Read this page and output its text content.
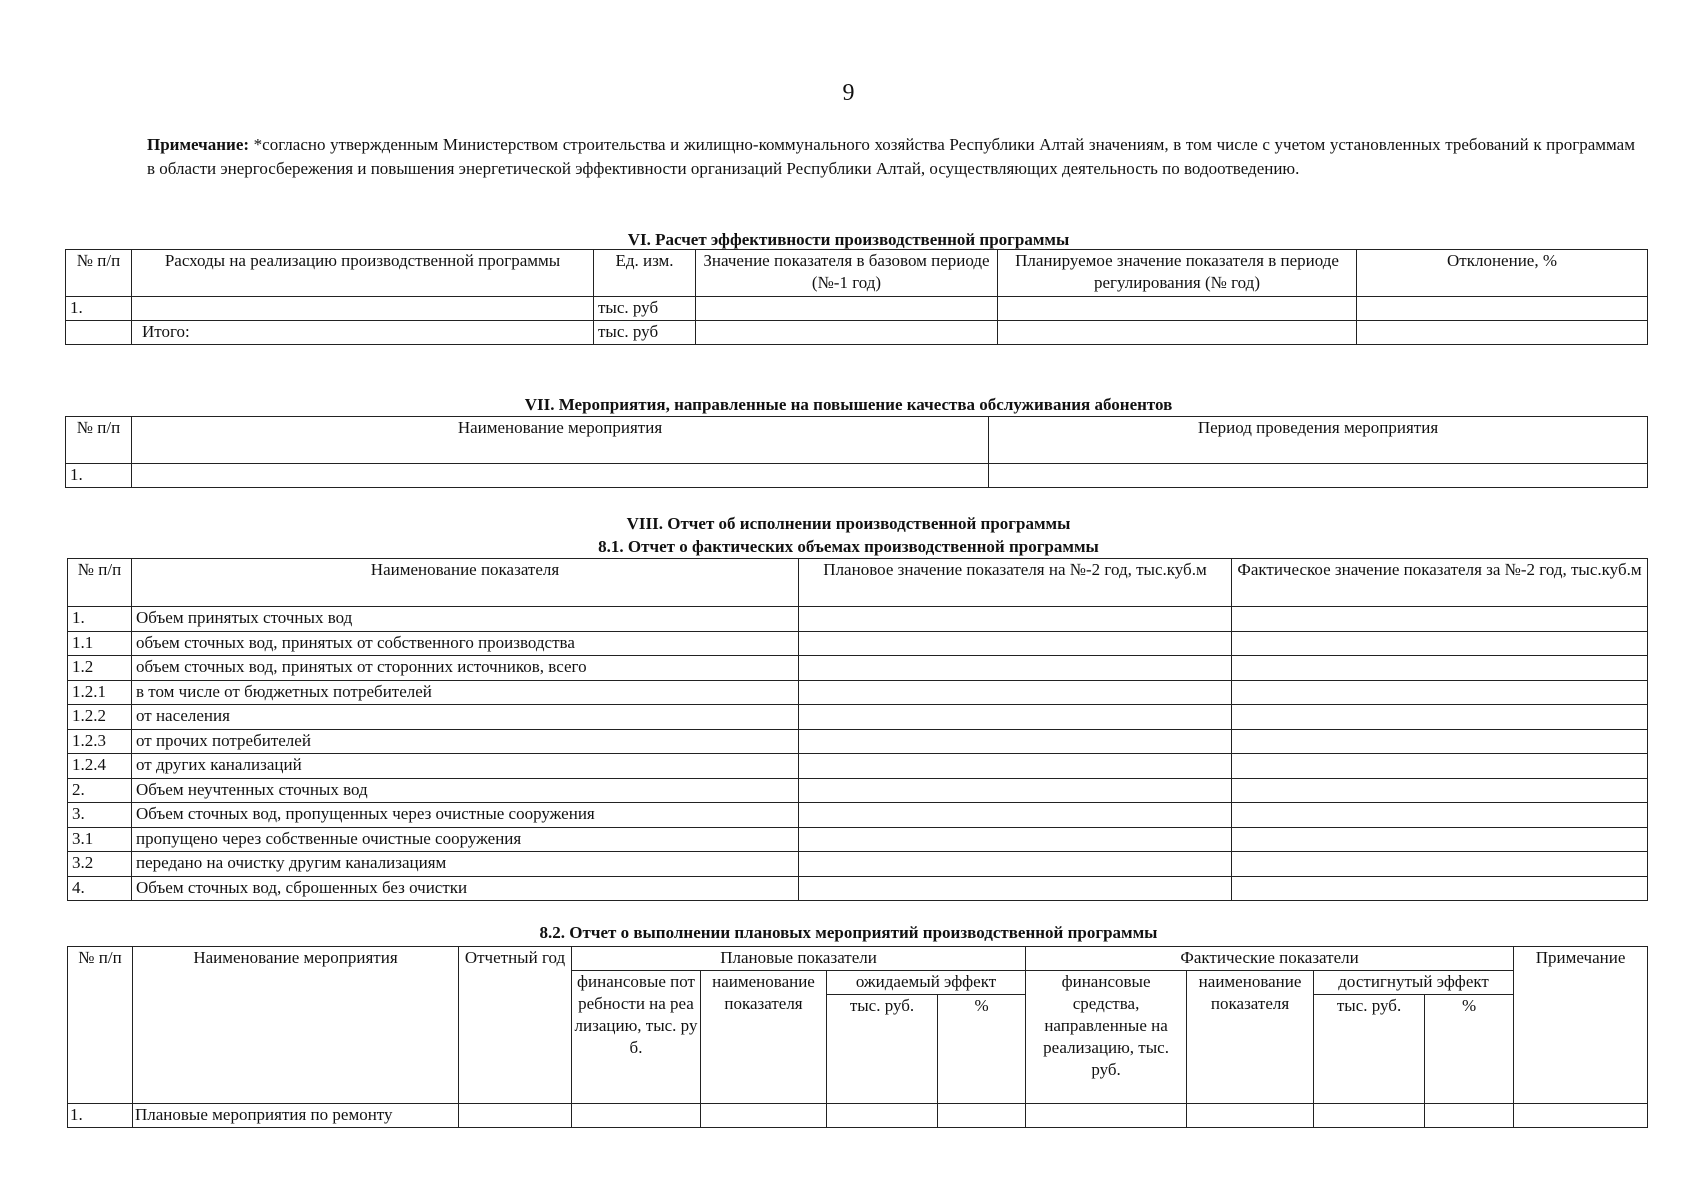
9
Примечание: *согласно утвержденным Министерством строительства и жилищно-коммунального хозяйства Республики Алтай значениям, в том числе с учетом установленных требований к программам в области энергосбережения и повышения энергетической эффективности организаций Республики Алтай, осуществляющих деятельность по водоотведению.
VI. Расчет эффективности производственной программы
№ п/п	Расходы на реализацию производственной программы	Ед. изм.	Значение показателя в базовом периоде (№-1 год)	Планируемое значение показателя в периоде регулирования (№ год)	Отклонение, %
1.		тыс. руб			
	Итого:	тыс. руб			
VII. Мероприятия, направленные на повышение качества обслуживания абонентов
№ п/п	Наименование мероприятия	Период проведения мероприятия
1.		
VIII. Отчет об исполнении производственной программы
8.1. Отчет о фактических объемах производственной программы
№ п/п	Наименование показателя	Плановое значение показателя на №-2 год, тыс.куб.м	Фактическое значение показателя за №-2 год, тыс.куб.м
1.	Объем принятых сточных вод		
1.1	объем сточных вод, принятых от собственного производства		
1.2	объем сточных вод, принятых от сторонних источников, всего		
1.2.1	в том числе от бюджетных потребителей		
1.2.2	от населения		
1.2.3	от прочих потребителей		
1.2.4	от других канализаций		
2.	Объем неучтенных сточных вод		
3.	Объем сточных вод, пропущенных через очистные сооружения		
3.1	пропущено через собственные очистные сооружения		
3.2	передано на очистку другим канализациям		
4.	Объем сточных вод, сброшенных без очистки		
8.2. Отчет о выполнении плановых мероприятий производственной программы
№ п/п	Наименование мероприятия	Отчетный год	Плановые показатели				Фактические показатели				Примечание
			финансовые потребности на реализацию, тыс. руб.	наименование показателя	ожидаемый эффект		финансовые средства, направленные на реализацию, тыс. руб.	наименование показателя	достигнутый эффект		
					тыс. руб.	%			тыс. руб.	%	
1.	Плановые мероприятия по ремонту										
